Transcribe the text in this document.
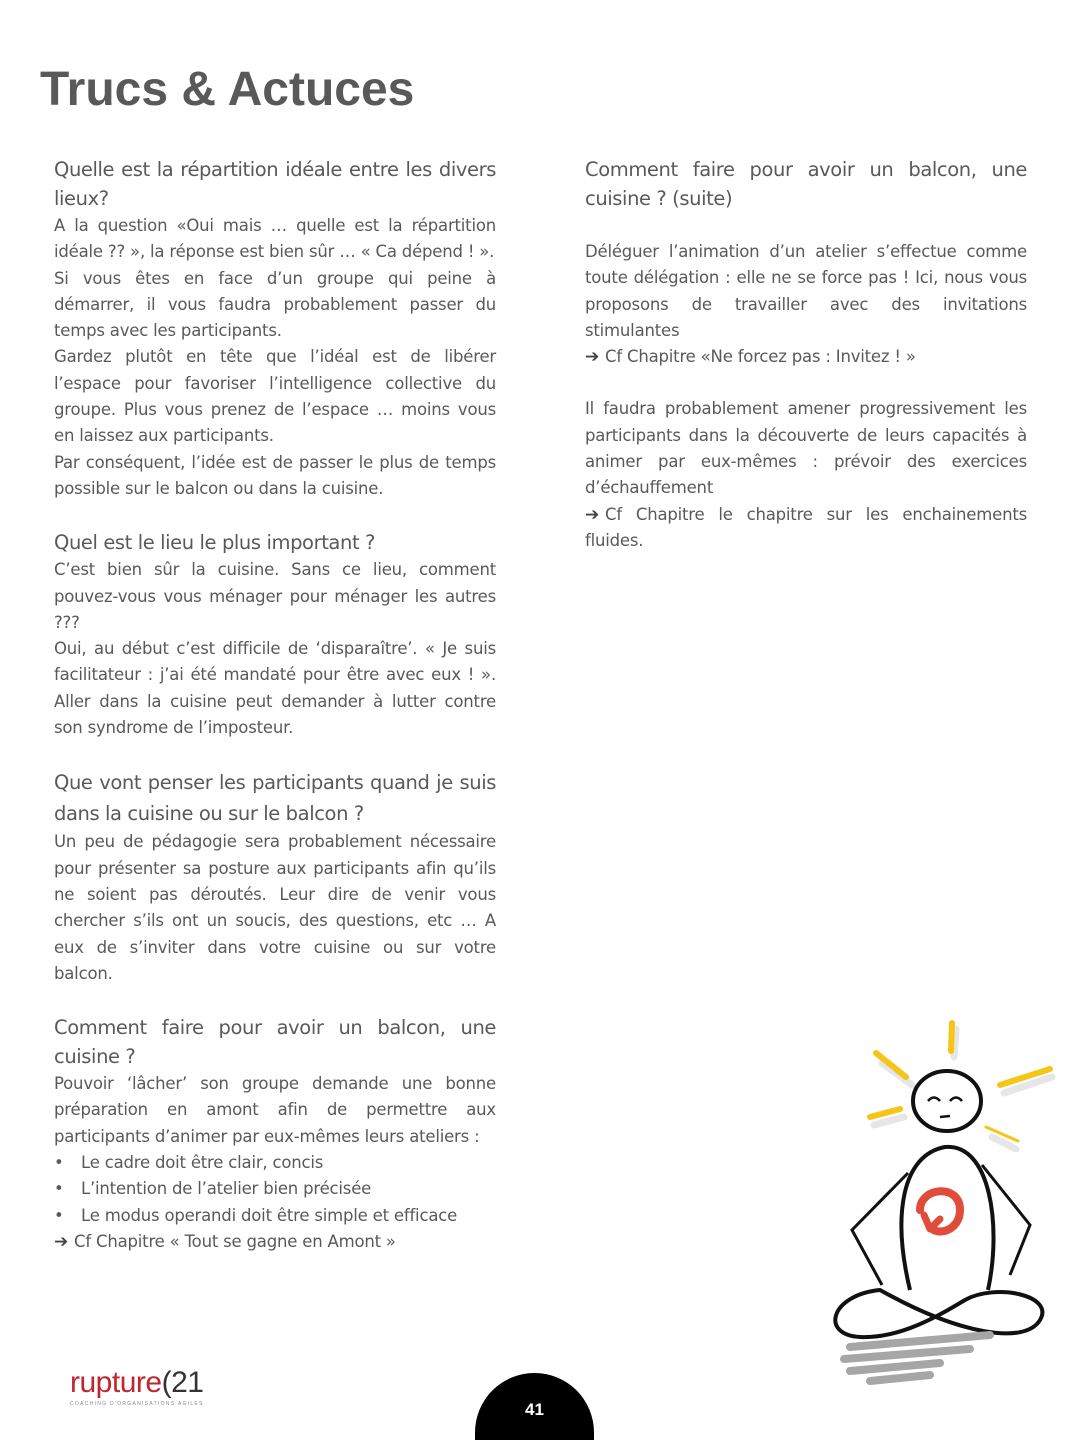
Trucs & Actuces
Quelle est la répartition idéale entre les divers lieux?

A la question «Oui mais … quelle est la répartition idéale ?? », la réponse est bien sûr … « Ca dépend ! ».

Si vous êtes en face d’un groupe qui peine à démarrer, il vous faudra probablement passer du temps avec les participants.

Gardez plutôt en tête que l’idéal est de libérer l’espace pour favoriser l’intelligence collective du groupe. Plus vous prenez de l’espace … moins vous en laissez aux participants.

Par conséquent, l’idée est de passer le plus de temps possible sur le balcon ou dans la cuisine.

Quel est le lieu le plus important ?

C’est bien sûr la cuisine. Sans ce lieu, comment pouvez-vous vous ménager pour ménager les autres ???

Oui, au début c’est difficile de ‘disparaître’. « Je suis facilitateur : j’ai été mandaté pour être avec eux ! ». Aller dans la cuisine peut demander à lutter contre son syndrome de l’imposteur.

Que vont penser les participants quand je suis dans la cuisine ou sur le balcon ?

Un peu de pédagogie sera probablement nécessaire pour présenter sa posture aux participants afin qu’ils ne soient pas déroutés. Leur dire de venir vous chercher s’ils ont un soucis, des questions, etc … A eux de s’inviter dans votre cuisine ou sur votre balcon.

Comment faire pour avoir un balcon, une cuisine ?

Pouvoir ‘lâcher’ son groupe demande une bonne préparation en amont afin de permettre aux participants d’animer par eux-mêmes leurs ateliers :

• Le cadre doit être clair, concis
• L’intention de l’atelier bien précisée
• Le modus operandi doit être simple et efficace

➔ Cf Chapitre « Tout se gagne en Amont »

Comment faire pour avoir un balcon, une cuisine ? (suite)

Déléguer l’animation d’un atelier s’effectue comme toute délégation : elle ne se force pas ! Ici, nous vous proposons de travailler avec des invitations stimulantes

➔ Cf Chapitre «Ne forcez pas : Invitez ! »

Il faudra probablement amener progressivement les participants dans la découverte de leurs capacités à animer par eux-mêmes : prévoir des exercices d’échauffement

➔ Cf Chapitre le chapitre sur les enchainements fluides.

rupture(21
COACHING D'ORGANISATIONS AGILES	41
